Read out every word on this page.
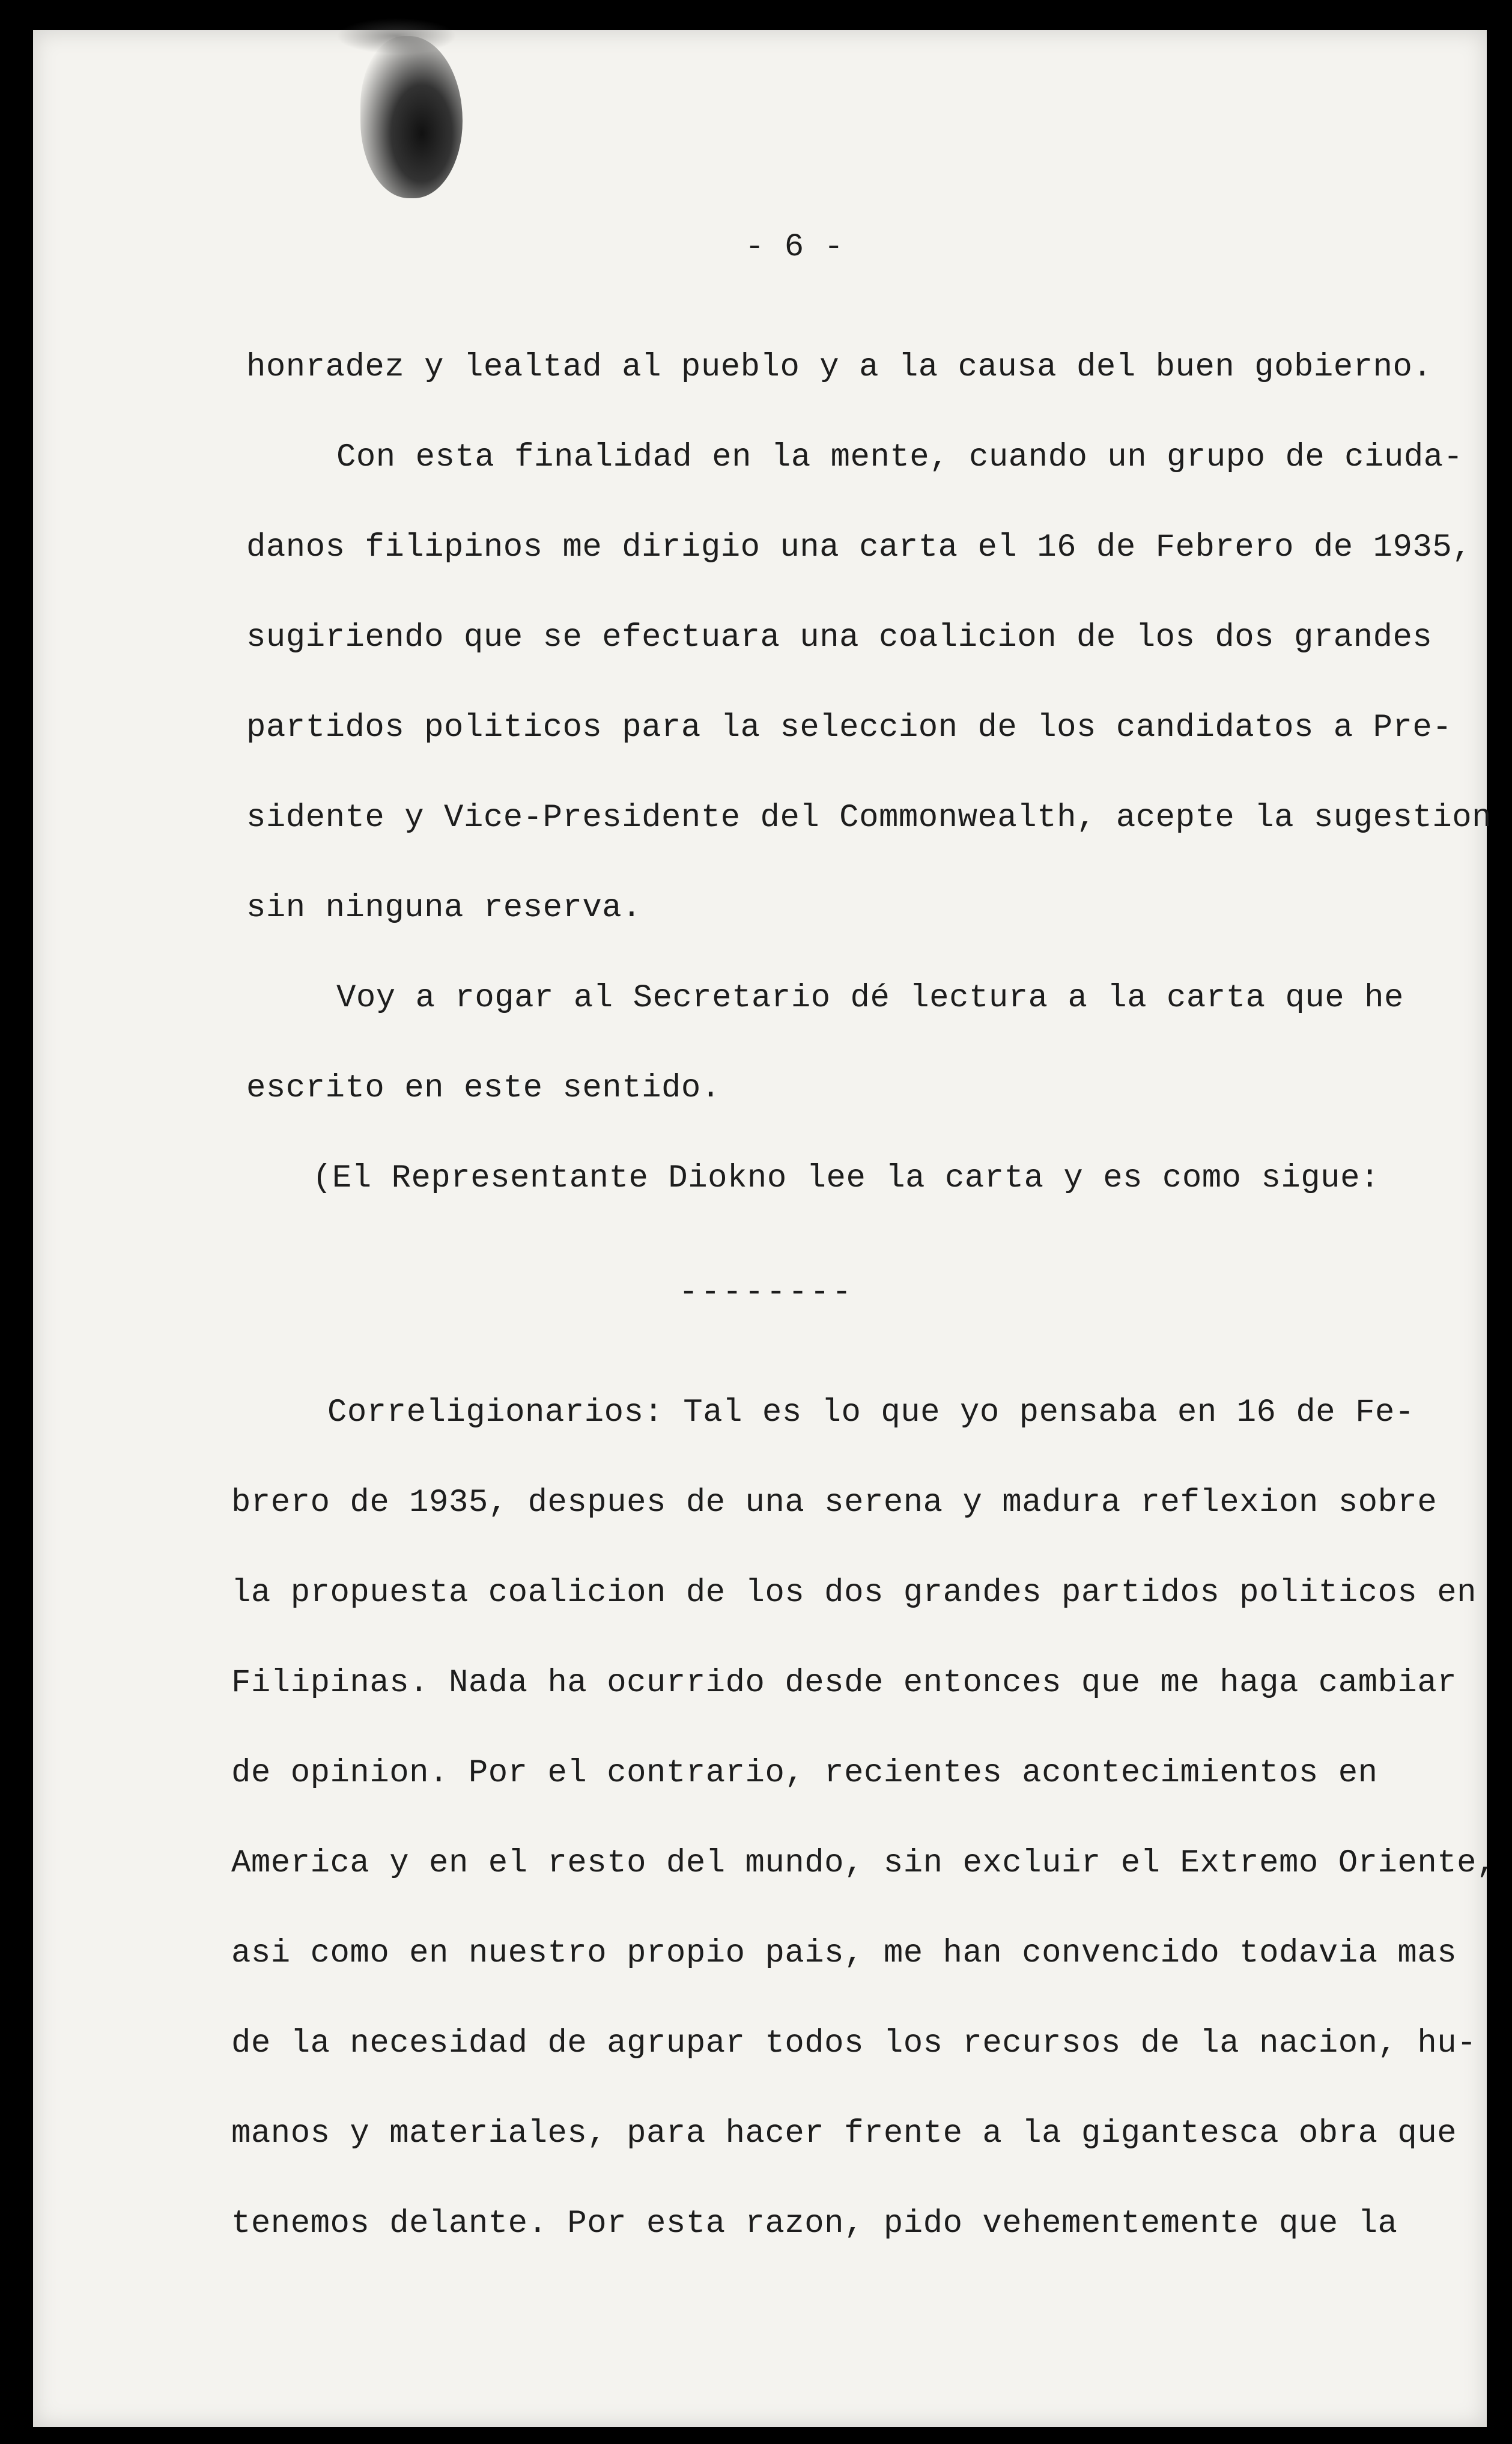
- 6 -

honradez y lealtad al pueblo y a la causa del buen gobierno.

Con esta finalidad en la mente, cuando un grupo de ciuda-

danos filipinos me dirigio una carta el 16 de Febrero de 1935,

sugiriendo que se efectuara una coalicion de los dos grandes

partidos politicos para la seleccion de los candidatos a Pre-

sidente y Vice-Presidente del Commonwealth, acepte la sugestion

sin ninguna reserva.

Voy a rogar al Secretario dé lectura a la carta que he

escrito en este sentido.

(El Representante Diokno lee la carta y es como sigue:

--------

Correligionarios: Tal es lo que yo pensaba en 16 de Fe-

brero de 1935, despues de una serena y madura reflexion sobre

la propuesta coalicion de los dos grandes partidos politicos en

Filipinas. Nada ha ocurrido desde entonces que me haga cambiar

de opinion. Por el contrario, recientes acontecimientos en

America y en el resto del mundo, sin excluir el Extremo Oriente,

asi como en nuestro propio pais, me han convencido todavia mas

de la necesidad de agrupar todos los recursos de la nacion, hu-

manos y materiales, para hacer frente a la gigantesca obra que

tenemos delante. Por esta razon, pido vehementemente que la
